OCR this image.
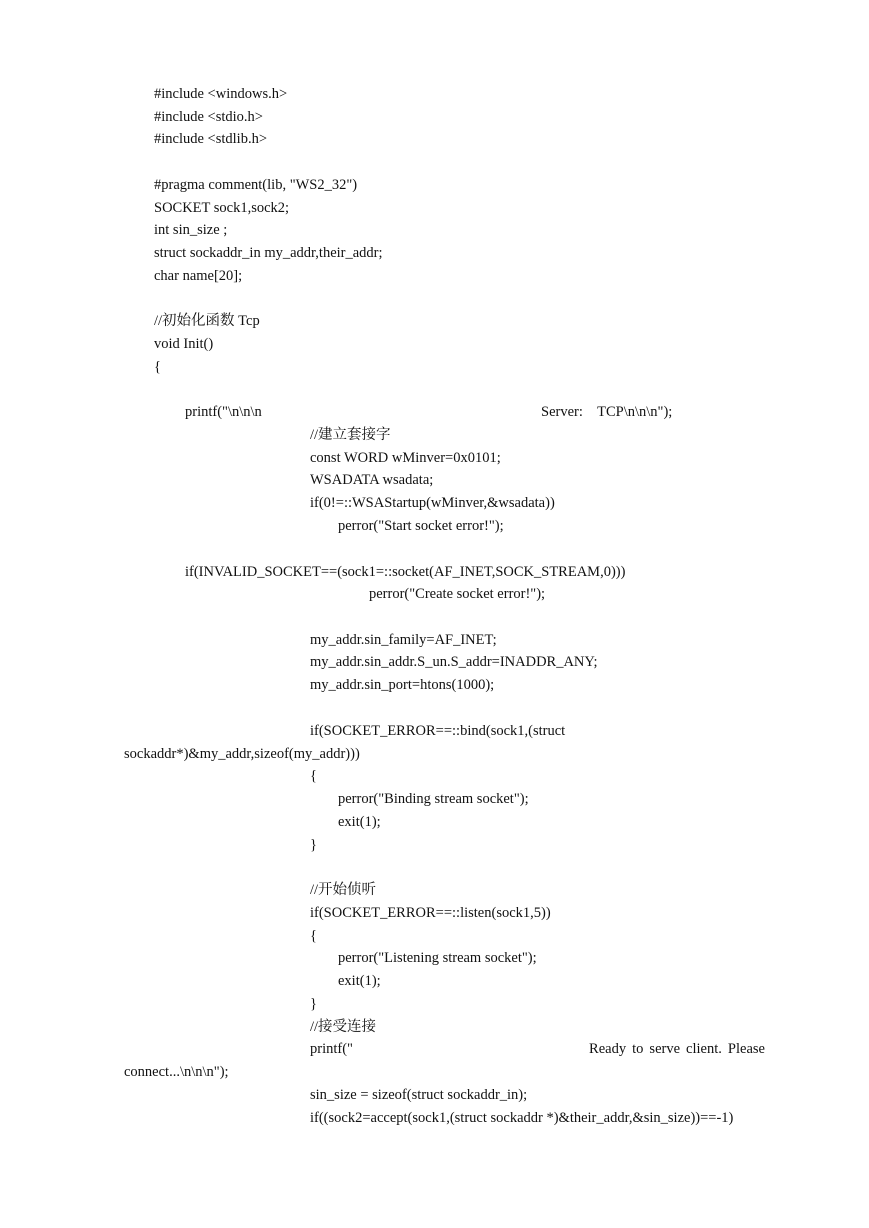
#include <windows.h>
#include <stdio.h>
#include <stdlib.h>
#pragma comment(lib, "WS2_32")
SOCKET sock1,sock2;
int sin_size ;
struct sockaddr_in my_addr,their_addr;
char name[20];
//初始化函数 Tcp
void Init()
{
printf("\n\n\n	Server:    TCP\n\n\n");
//建立套接字
const WORD wMinver=0x0101;
WSADATA wsadata;
if(0!=::WSAStartup(wMinver,&wsadata))
perror("Start socket error!");
if(INVALID_SOCKET==(sock1=::socket(AF_INET,SOCK_STREAM,0)))
perror("Create socket error!");
my_addr.sin_family=AF_INET;
my_addr.sin_addr.S_un.S_addr=INADDR_ANY;
my_addr.sin_port=htons(1000);
if(SOCKET_ERROR==::bind(sock1,(struct
sockaddr*)&my_addr,sizeof(my_addr)))
{
perror("Binding stream socket");
exit(1);
}
//开始侦听
if(SOCKET_ERROR==::listen(sock1,5))
{
perror("Listening stream socket");
exit(1);
}
//接受连接
printf("	Ready to serve client. Please
connect...\n\n\n");
sin_size = sizeof(struct sockaddr_in);
if((sock2=accept(sock1,(struct sockaddr *)&their_addr,&sin_size))==-1)
